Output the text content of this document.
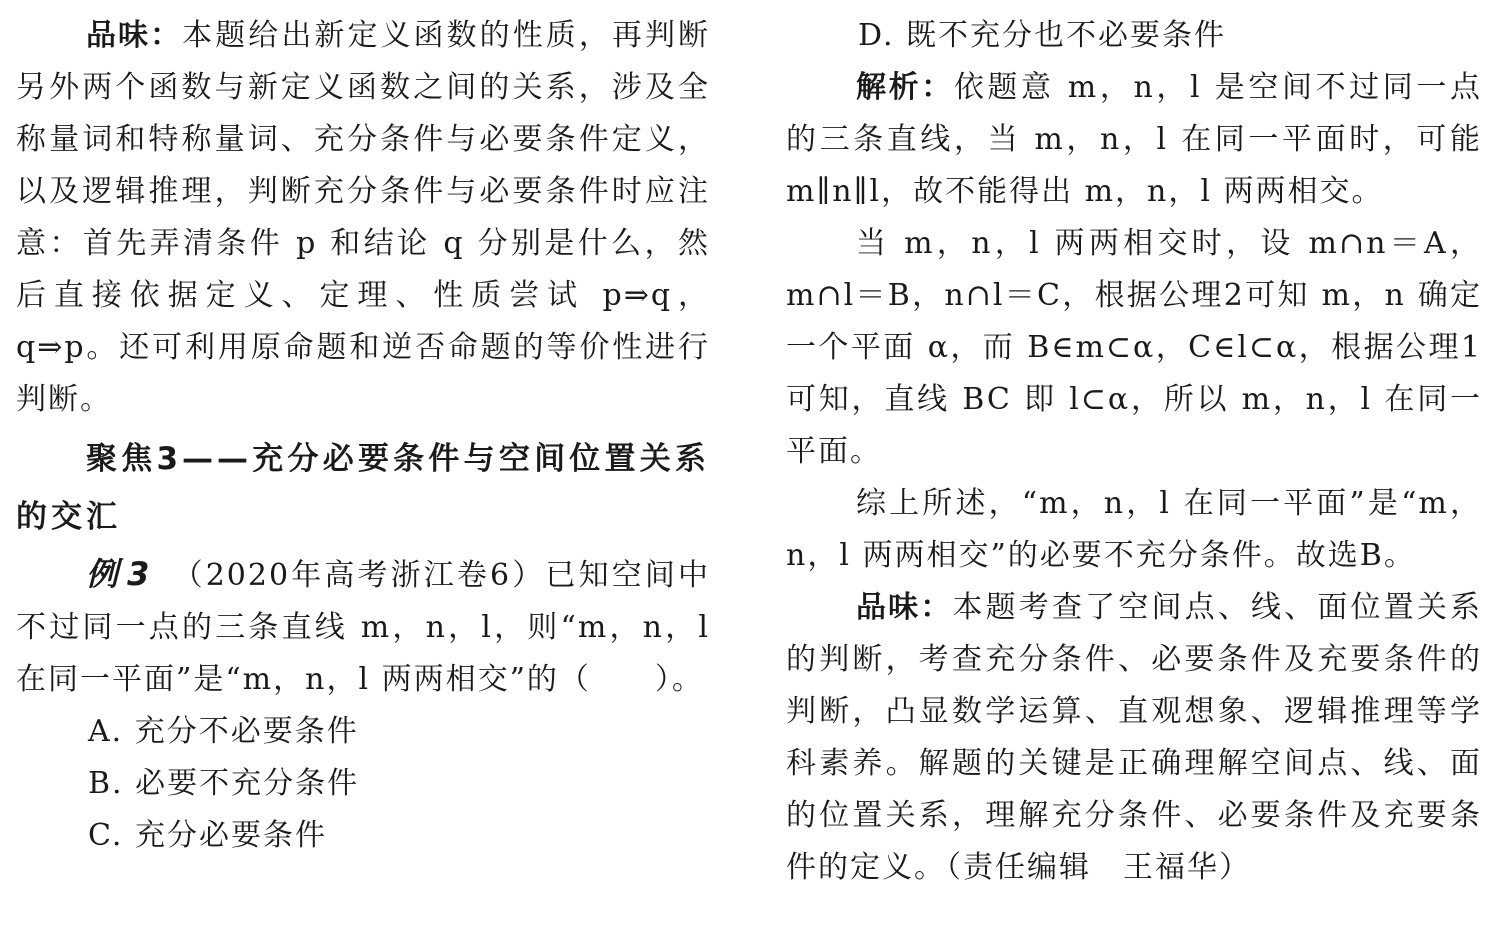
品味：本题给出新定义函数的性质，再判断另外两个函数与新定义函数之间的关系，涉及全称量词和特称量词、充分条件与必要条件定义，以及逻辑推理，判断充分条件与必要条件时应注意：首先弄清条件 p 和结论 q 分别是什么，然后直接依据定义、定理、性质尝试 p⇒q，q⇒p。还可利用原命题和逆否命题的等价性进行判断。

聚焦3——充分必要条件与空间位置关系的交汇

例3 （2020年高考浙江卷6）已知空间中不过同一点的三条直线 m，n，l，则“m，n，l 在同一平面”是“m，n，l 两两相交”的（　　）。

A. 充分不必要条件

B. 必要不充分条件

C. 充分必要条件

D. 既不充分也不必要条件

解析：依题意 m，n，l 是空间不过同一点的三条直线，当 m，n，l 在同一平面时，可能 m∥n∥l，故不能得出 m，n，l 两两相交。

当 m，n，l 两两相交时，设 m∩n＝A，m∩l＝B，n∩l＝C，根据公理2可知 m，n 确定一个平面 α，而 B∈m⊂α，C∈l⊂α，根据公理1可知，直线 BC 即 l⊂α，所以 m，n，l 在同一平面。

综上所述，“m，n，l 在同一平面”是“m，n，l 两两相交”的必要不充分条件。故选B。

品味：本题考查了空间点、线、面位置关系的判断，考查充分条件、必要条件及充要条件的判断，凸显数学运算、直观想象、逻辑推理等学科素养。解题的关键是正确理解空间点、线、面的位置关系，理解充分条件、必要条件及充要条件的定义。（责任编辑　王福华）
